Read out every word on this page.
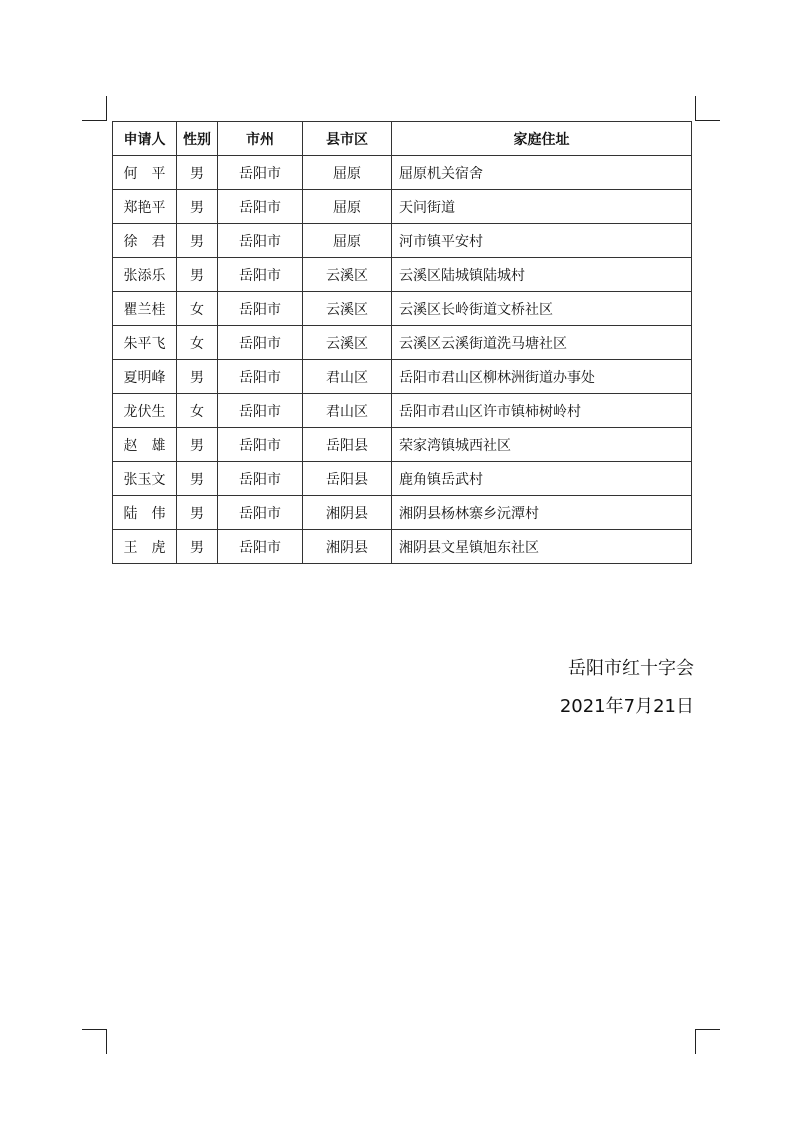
申请人	性别	市州	县市区	家庭住址
何　平	男	岳阳市	屈原	屈原机关宿舍
郑艳平	男	岳阳市	屈原	天问街道
徐　君	男	岳阳市	屈原	河市镇平安村
张添乐	男	岳阳市	云溪区	云溪区陆城镇陆城村
瞿兰桂	女	岳阳市	云溪区	云溪区长岭街道文桥社区
朱平飞	女	岳阳市	云溪区	云溪区云溪街道洗马塘社区
夏明峰	男	岳阳市	君山区	岳阳市君山区柳林洲街道办事处
龙伏生	女	岳阳市	君山区	岳阳市君山区许市镇柿树岭村
赵　雄	男	岳阳市	岳阳县	荣家湾镇城西社区
张玉文	男	岳阳市	岳阳县	鹿角镇岳武村
陆　伟	男	岳阳市	湘阴县	湘阴县杨林寨乡沅潭村
王　虎	男	岳阳市	湘阴县	湘阴县文星镇旭东社区
岳阳市红十字会
2021年7月21日
